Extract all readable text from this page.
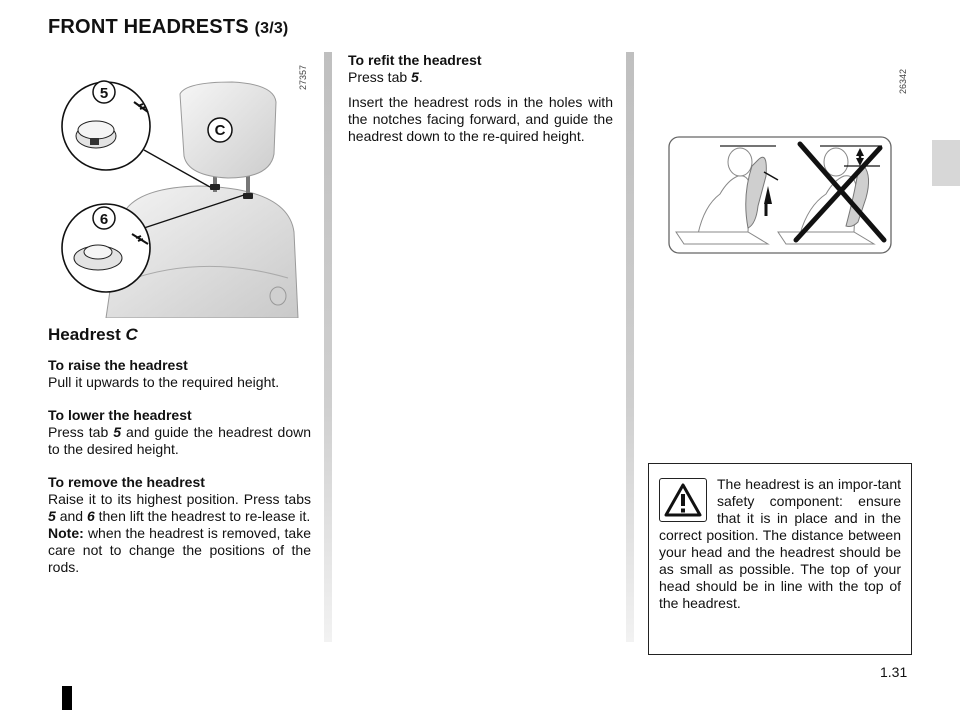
FRONT HEADRESTS (3/3)
C
5
6
27357	26342
Headrest C

To raise the headrest

Pull it upwards to the required height.

To lower the headrest

Press tab 5 and guide the headrest down to the desired height.

To remove the headrest

Raise it to its highest position. Press tabs 5 and 6 then lift the headrest to re-lease it.

Note: when the headrest is removed, take care not to change the positions of the rods.

To refit the headrest

Press tab 5.

Insert the headrest rods in the holes with the notches facing forward, and guide the headrest down to the re-quired height.

The headrest is an impor-tant safety component: ensure that it is in place and in the correct position. The distance between your head and the headrest should be as small as possible. The top of your head should be in line with the top of the headrest.

1.31
